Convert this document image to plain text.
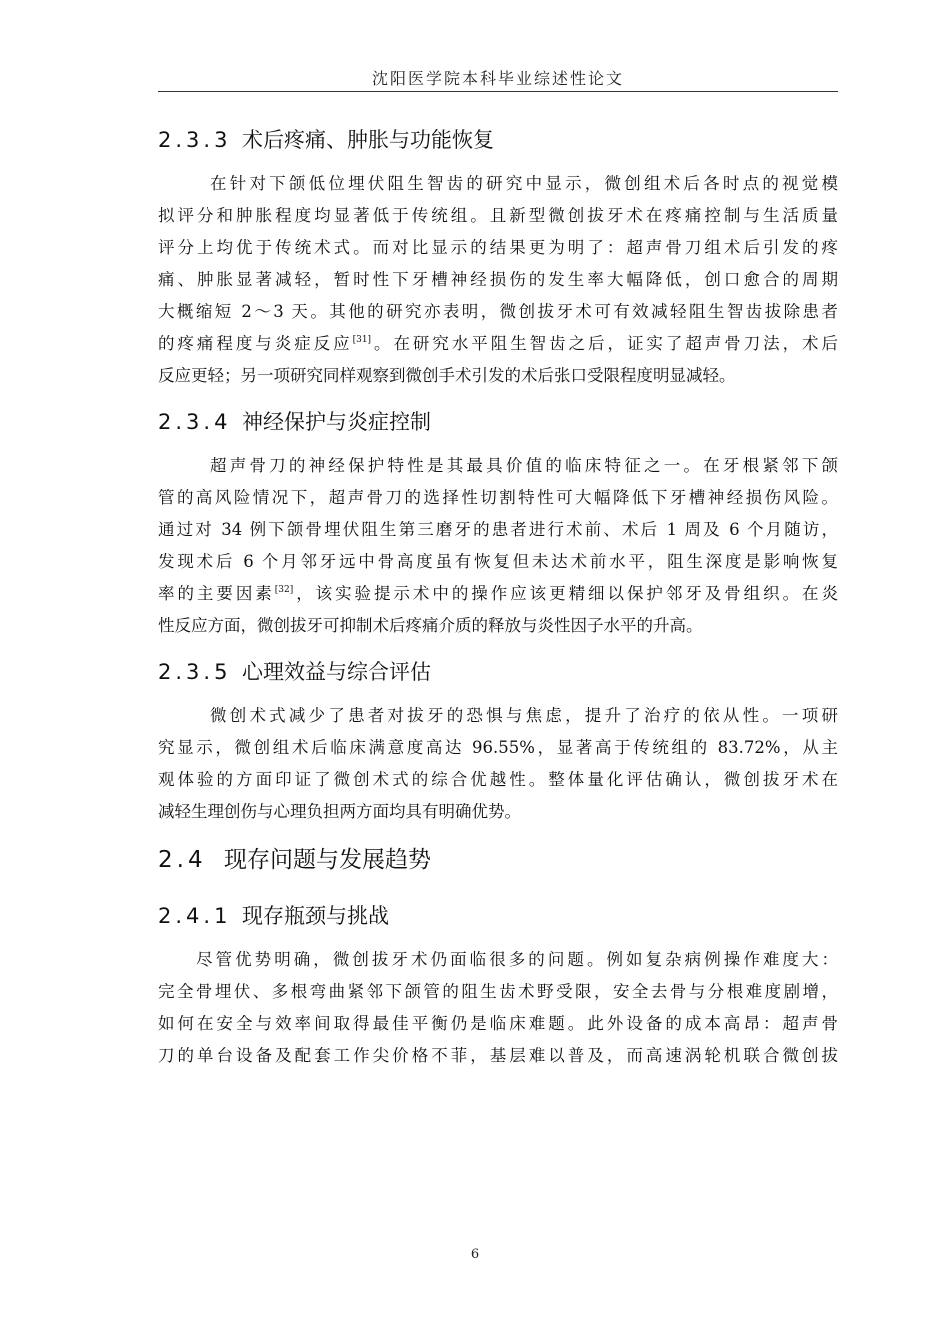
沈阳医学院本科毕业综述性论文
2.3.3 术后疼痛、肿胀与功能恢复
在针对下颌低位埋伏阻生智齿的研究中显示，微创组术后各时点的视觉模
拟评分和肿胀程度均显著低于传统组。且新型微创拔牙术在疼痛控制与生活质量
评分上均优于传统术式。而对比显示的结果更为明了：超声骨刀组术后引发的疼
痛、肿胀显著减轻，暂时性下牙槽神经损伤的发生率大幅降低，创口愈合的周期
大概缩短 2～3 天。其他的研究亦表明，微创拔牙术可有效减轻阻生智齿拔除患者
的疼痛程度与炎症反应[31]。在研究水平阻生智齿之后，证实了超声骨刀法，术后
反应更轻；另一项研究同样观察到微创手术引发的术后张口受限程度明显减轻。
2.3.4 神经保护与炎症控制
超声骨刀的神经保护特性是其最具价值的临床特征之一。在牙根紧邻下颌
管的高风险情况下，超声骨刀的选择性切割特性可大幅降低下牙槽神经损伤风险。
通过对 34 例下颌骨埋伏阻生第三磨牙的患者进行术前、术后 1 周及 6 个月随访，
发现术后 6 个月邻牙远中骨高度虽有恢复但未达术前水平，阻生深度是影响恢复
率的主要因素[32]，该实验提示术中的操作应该更精细以保护邻牙及骨组织。在炎
性反应方面，微创拔牙可抑制术后疼痛介质的释放与炎性因子水平的升高。
2.3.5 心理效益与综合评估
微创术式减少了患者对拔牙的恐惧与焦虑，提升了治疗的依从性。一项研
究显示，微创组术后临床满意度高达 96.55%，显著高于传统组的 83.72%，从主
观体验的方面印证了微创术式的综合优越性。整体量化评估确认，微创拔牙术在
减轻生理创伤与心理负担两方面均具有明确优势。
2.4 现存问题与发展趋势
2.4.1 现存瓶颈与挑战
尽管优势明确，微创拔牙术仍面临很多的问题。例如复杂病例操作难度大：
完全骨埋伏、多根弯曲紧邻下颌管的阻生齿术野受限，安全去骨与分根难度剧增，
如何在安全与效率间取得最佳平衡仍是临床难题。此外设备的成本高昂：超声骨
刀的单台设备及配套工作尖价格不菲，基层难以普及，而高速涡轮机联合微创拔
6
